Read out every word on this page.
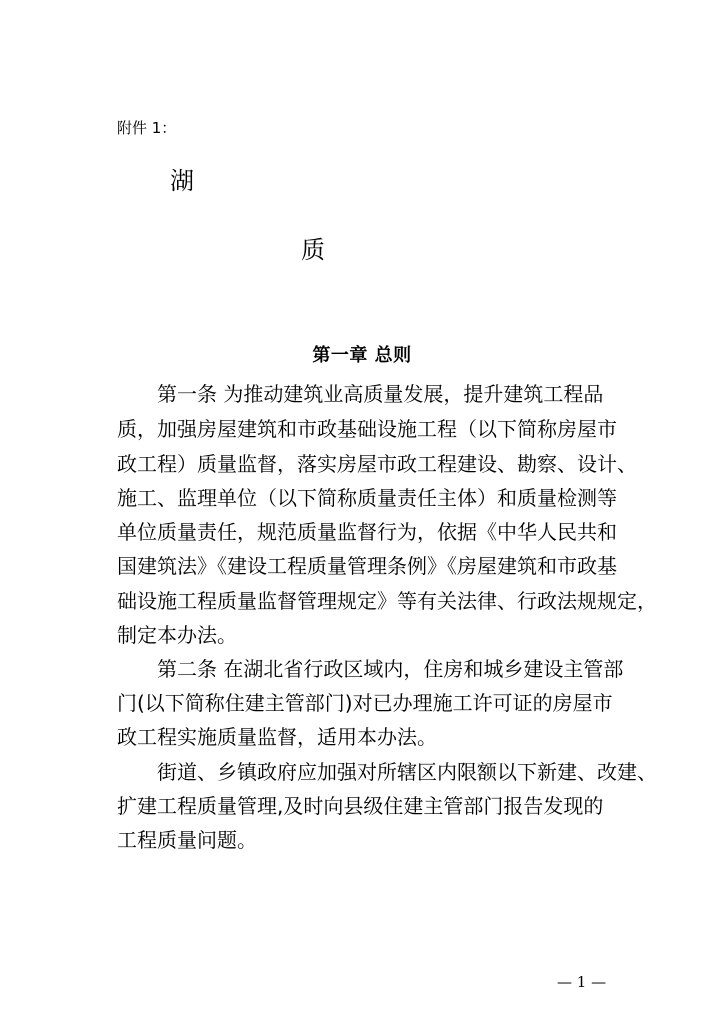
附件 1：
湖
质
第一章 总则
第一条 为推动建筑业高质量发展，提升建筑工程品
质，加强房屋建筑和市政基础设施工程（以下简称房屋市
政工程）质量监督，落实房屋市政工程建设、勘察、设计、
施工、监理单位（以下简称质量责任主体）和质量检测等
单位质量责任，规范质量监督行为，依据《中华人民共和
国建筑法》《建设工程质量管理条例》《房屋建筑和市政基
础设施工程质量监督管理规定》等有关法律、行政法规规定，
制定本办法。
第二条 在湖北省行政区域内，住房和城乡建设主管部
门(以下简称住建主管部门)对已办理施工许可证的房屋市
政工程实施质量监督，适用本办法。
街道、乡镇政府应加强对所辖区内限额以下新建、改建、
扩建工程质量管理,及时向县级住建主管部门报告发现的
工程质量问题。
— 1 —
